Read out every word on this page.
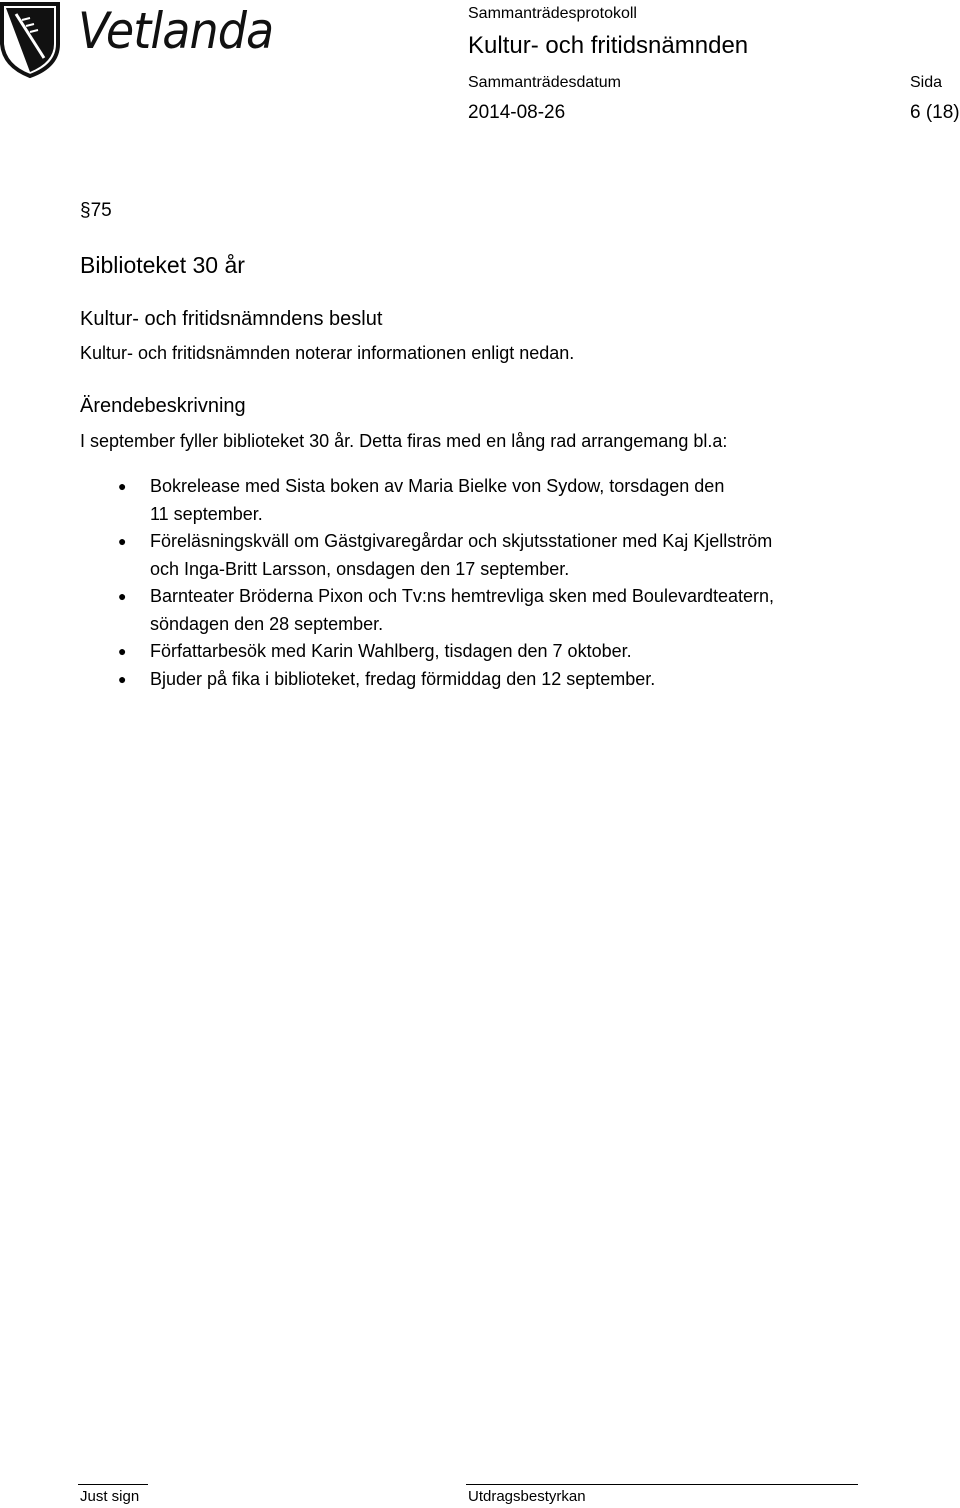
Vetlanda	Sammanträdesprotokoll
Kultur- och fritidsnämnden
Sammanträdesdatum	Sida
2014-08-26	6 (18)
§75
Biblioteket 30 år
Kultur- och fritidsnämndens beslut
Kultur- och fritidsnämnden noterar informationen enligt nedan.
Ärendebeskrivning
I september fyller biblioteket 30 år. Detta firas med en lång rad arrangemang bl.a:
● Bokrelease med Sista boken av Maria Bielke von Sydow, torsdagen den
11 september.
● Föreläsningskväll om Gästgivaregårdar och skjutsstationer med Kaj Kjellström
och Inga-Britt Larsson, onsdagen den 17 september.
● Barnteater Bröderna Pixon och Tv:ns hemtrevliga sken med Boulevardteatern,
söndagen den 28 september.
● Författarbesök med Karin Wahlberg, tisdagen den 7 oktober.
● Bjuder på fika i biblioteket, fredag förmiddag den 12 september.
Just sign	Utdragsbestyrkan
